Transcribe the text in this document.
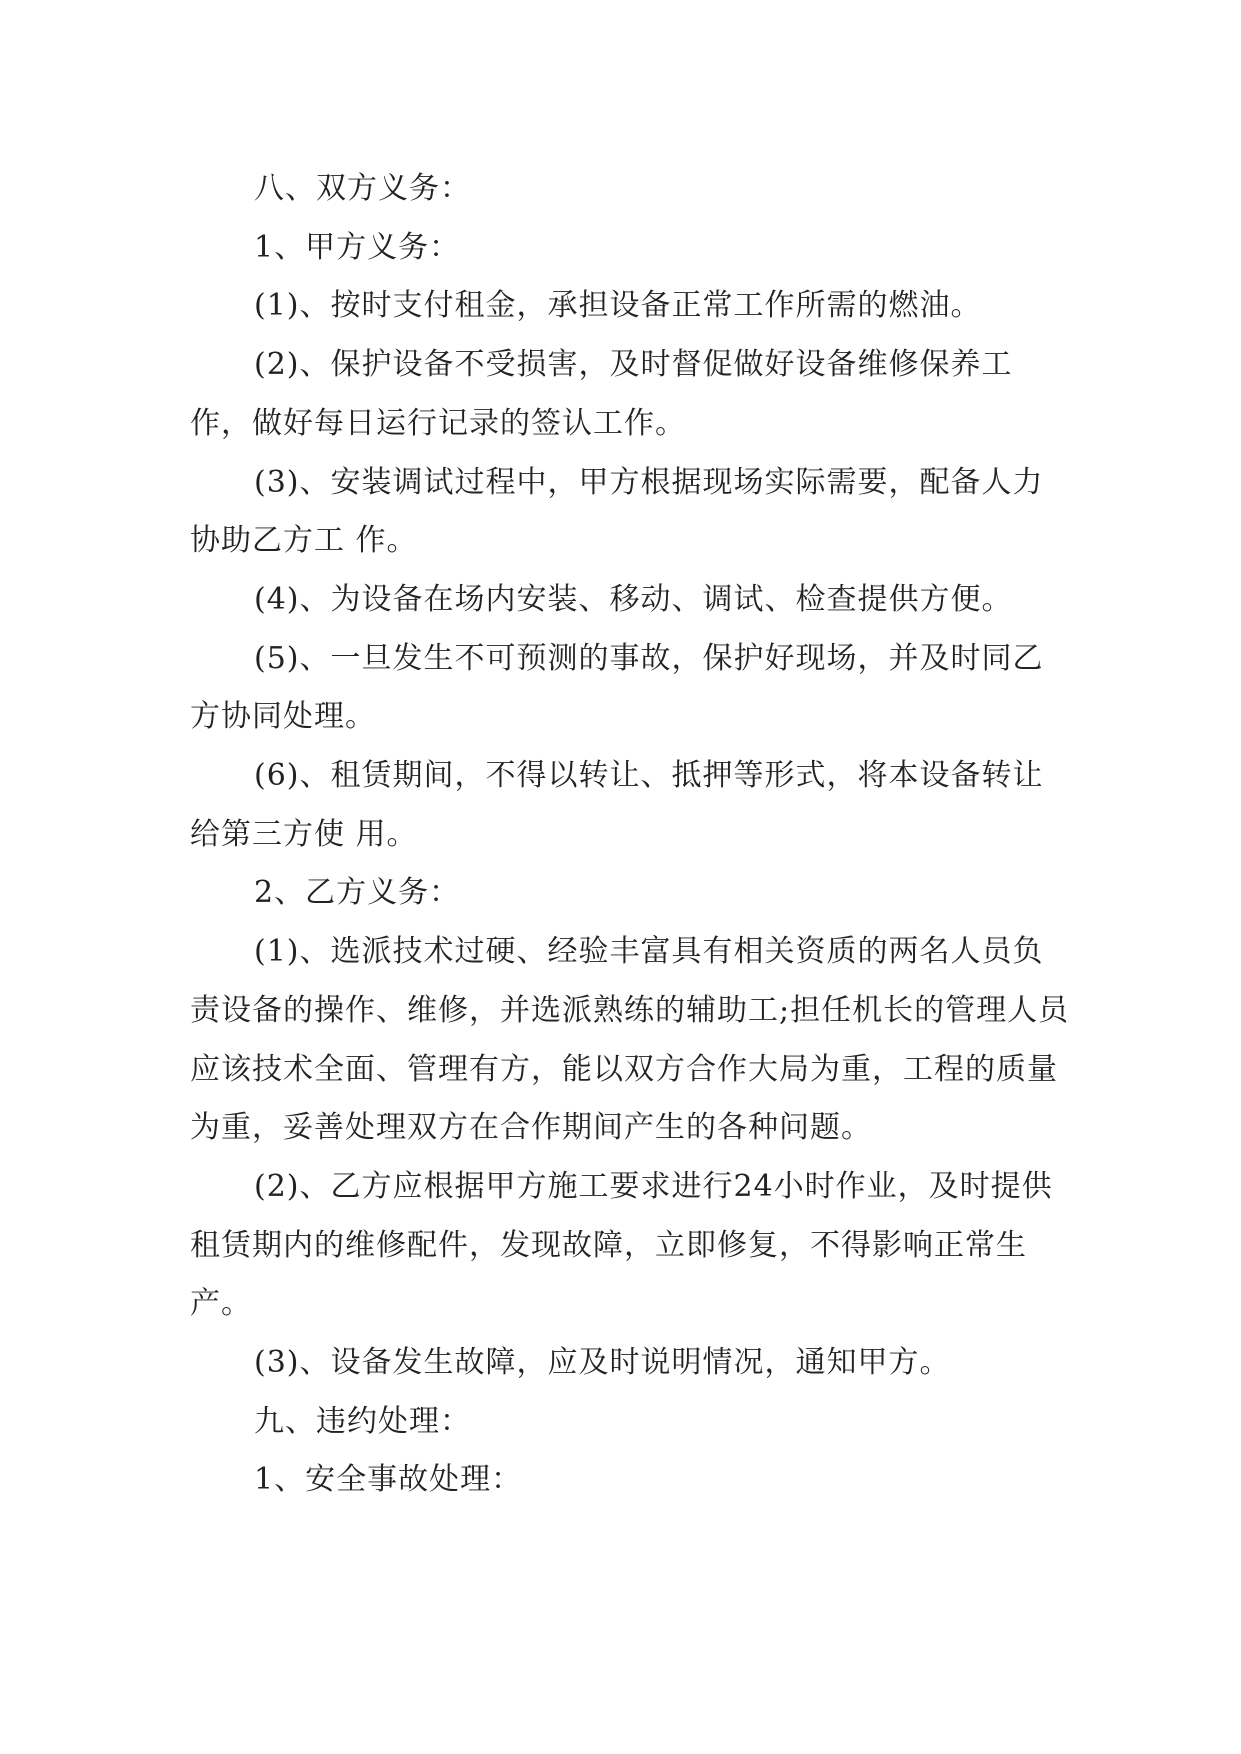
八、双方义务：

1、甲方义务：

(1)、按时支付租金，承担设备正常工作所需的燃油。

(2)、保护设备不受损害，及时督促做好设备维修保养工作，做好每日运行记录的签认工作。

(3)、安装调试过程中，甲方根据现场实际需要，配备人力协助乙方工 作。

(4)、为设备在场内安装、移动、调试、检查提供方便。

(5)、一旦发生不可预测的事故，保护好现场，并及时同乙方协同处理。

(6)、租赁期间，不得以转让、抵押等形式，将本设备转让给第三方使 用。

2、乙方义务：

(1)、选派技术过硬、经验丰富具有相关资质的两名人员负责设备的操作、维修，并选派熟练的辅助工;担任机长的管理人员应该技术全面、管理有方，能以双方合作大局为重，工程的质量为重，妥善处理双方在合作期间产生的各种问题。

(2)、乙方应根据甲方施工要求进行24小时作业，及时提供租赁期内的维修配件，发现故障，立即修复，不得影响正常生产。

(3)、设备发生故障，应及时说明情况，通知甲方。

九、违约处理：

1、安全事故处理：
